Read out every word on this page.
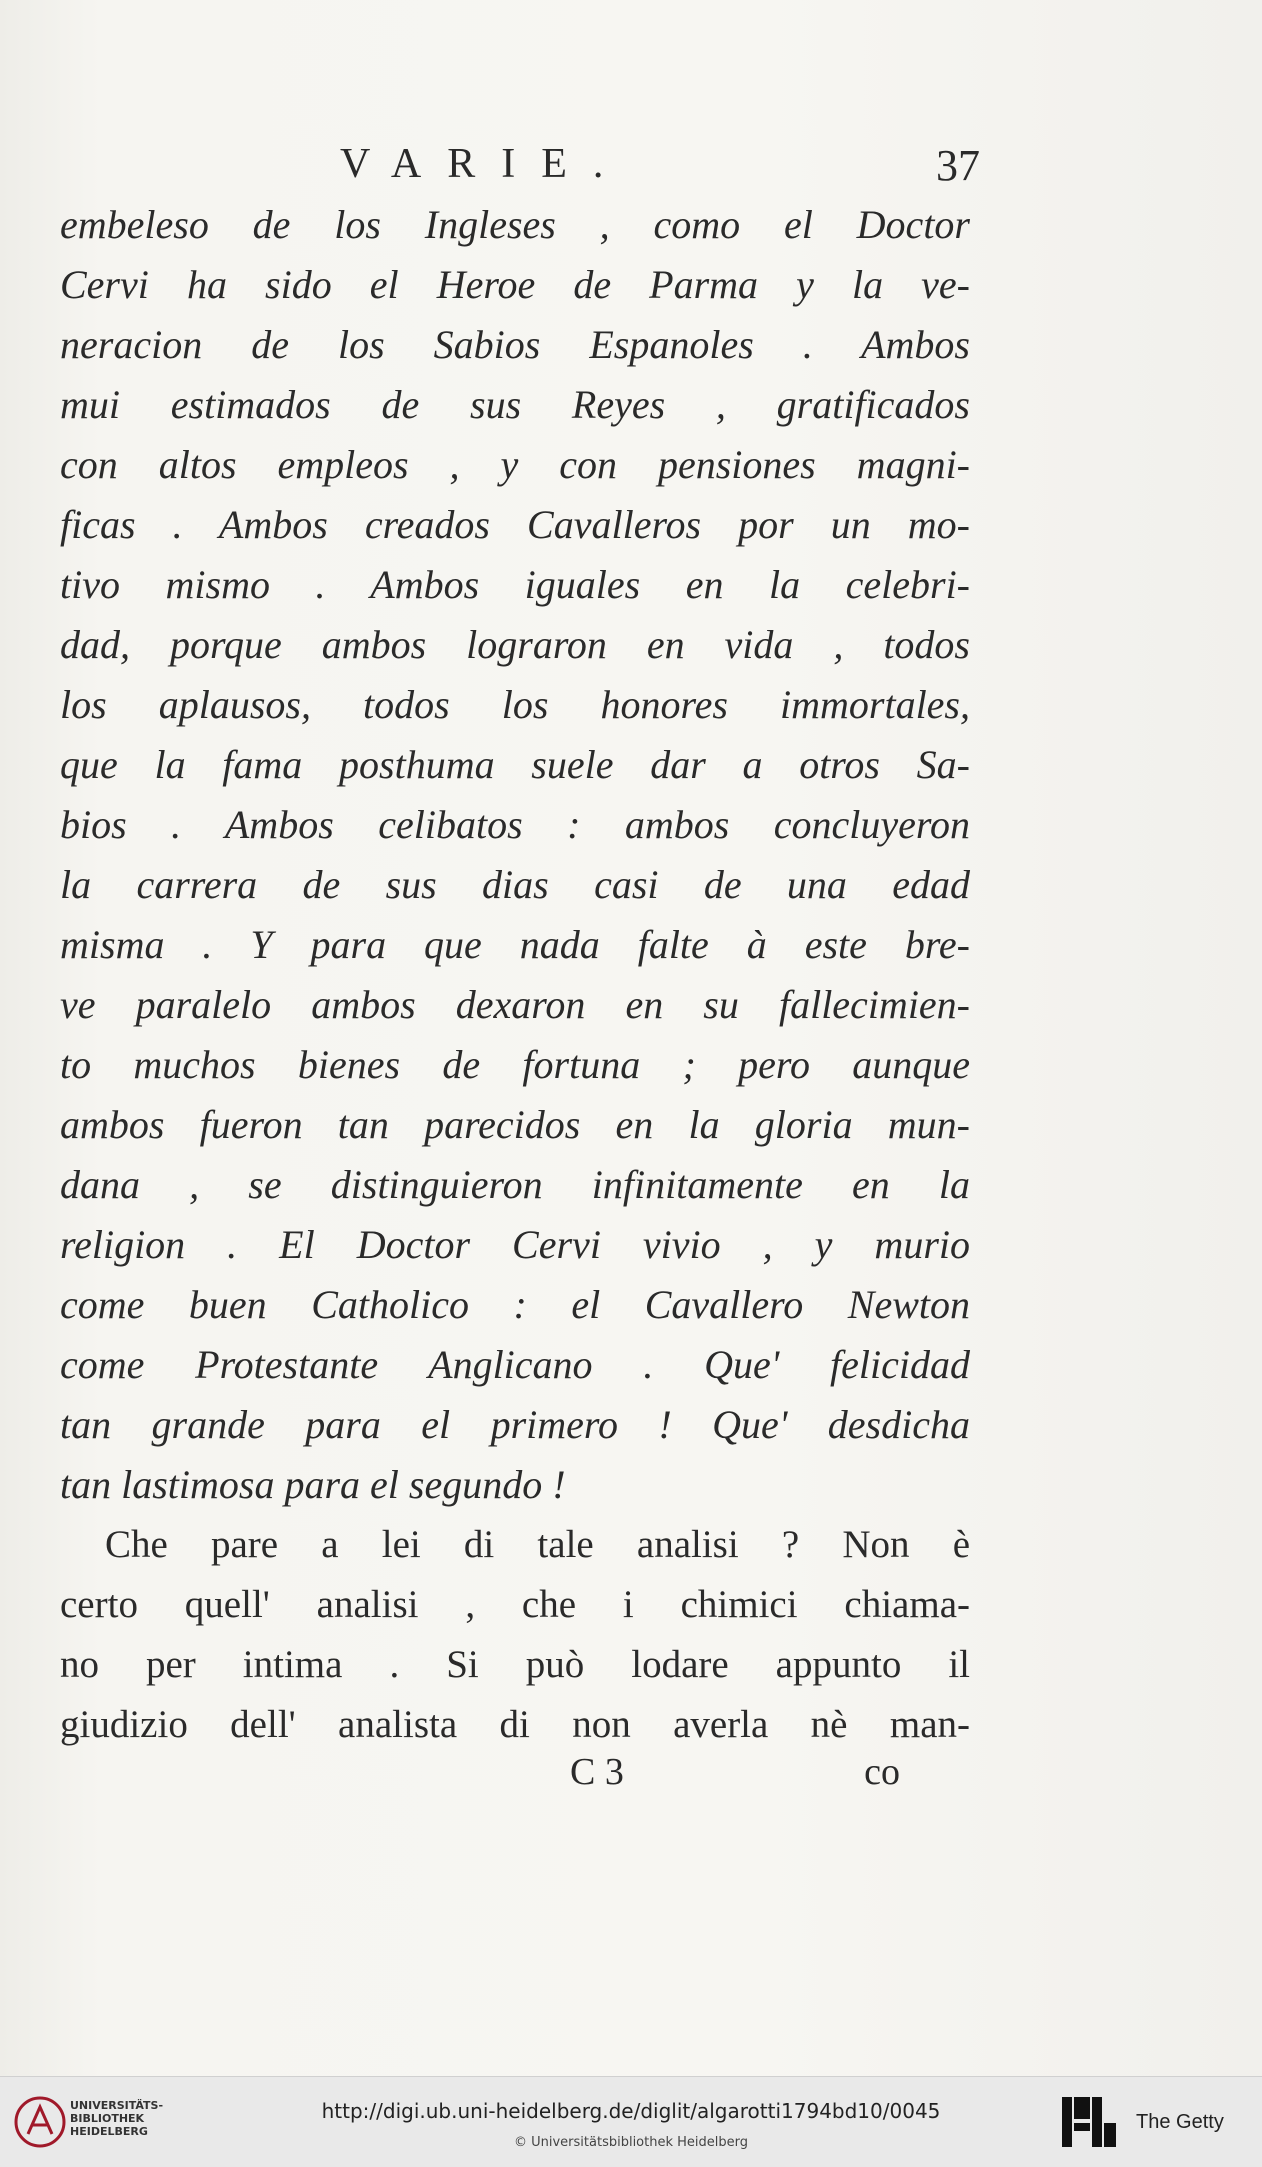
VARIE.	37
embeleso de los Ingleses , como el Doctor
Cervi ha sido el Heroe de Parma y la ve-
neracion de los Sabios Espanoles . Ambos
mui estimados de sus Reyes , gratificados
con altos empleos , y con pensiones magni-
ficas . Ambos creados Cavalleros por un mo-
tivo mismo . Ambos iguales en la celebri-
dad, porque ambos lograron en vida , todos
los aplausos, todos los honores immortales,
que la fama posthuma suele dar a otros Sa-
bios . Ambos celibatos : ambos concluyeron
la carrera de sus dias casi de una edad
misma . Y para que nada falte à este bre-
ve paralelo ambos dexaron en su fallecimien-
to muchos bienes de fortuna ; pero aunque
ambos fueron tan parecidos en la gloria mun-
dana , se distinguieron infinitamente en la
religion . El Doctor Cervi vivio , y murio
come buen Catholico : el Cavallero Newton
come Protestante Anglicano . Que' felicidad
tan grande para el primero ! Que' desdicha
tan lastimosa para el segundo !
Che pare a lei di tale analisi ? Non è
certo quell' analisi , che i chimici chiama-
no per intima . Si può lodare appunto il
giudizio dell' analista di non averla nè man-
C 3	co
UNIVERSITÄTS-
BIBLIOTHEK
HEIDELBERG
http://digi.ub.uni-heidelberg.de/diglit/algarotti1794bd10/0045
© Universitätsbibliothek Heidelberg
The Getty
